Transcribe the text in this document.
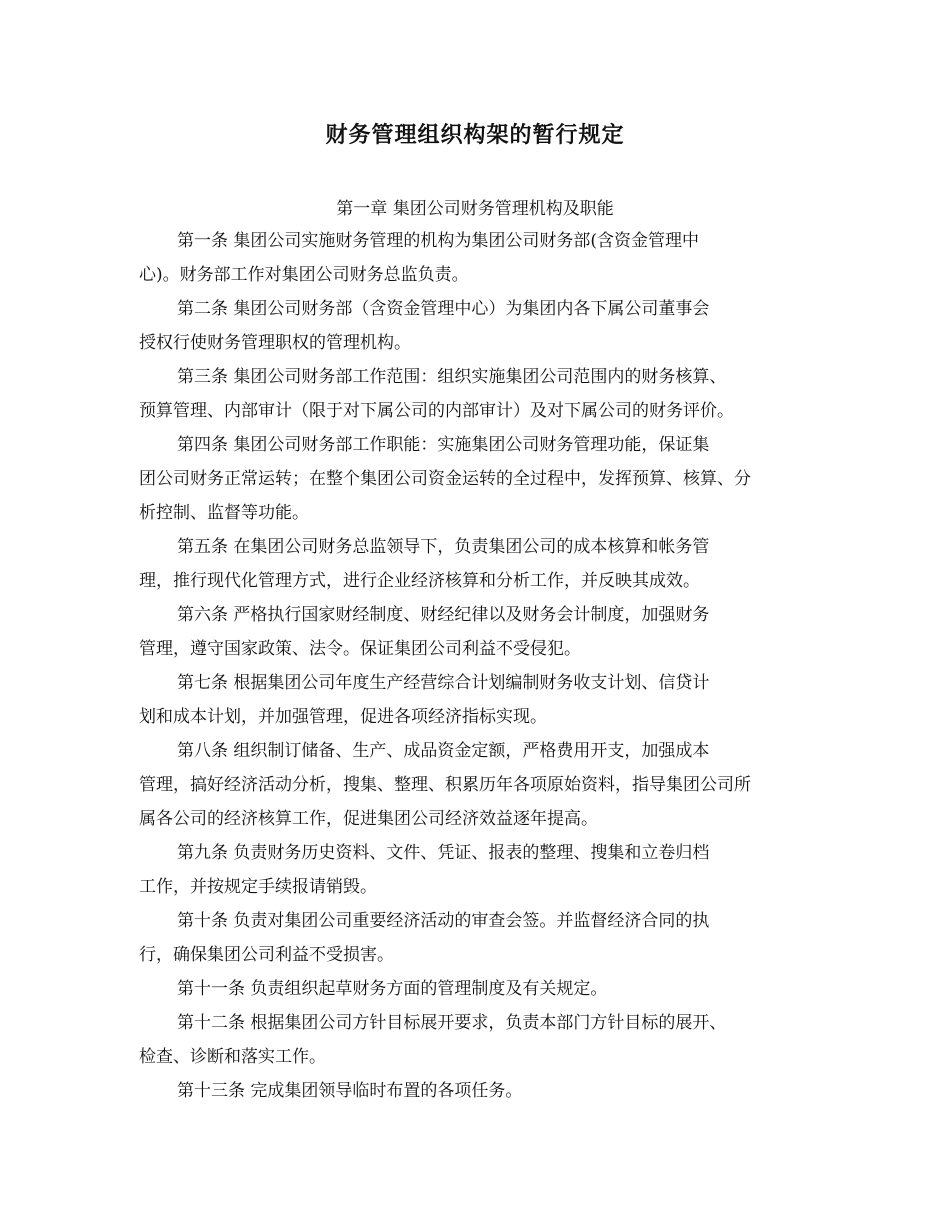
财务管理组织构架的暂行规定
第一章 集团公司财务管理机构及职能
第一条 集团公司实施财务管理的机构为集团公司财务部(含资金管理中
心)。财务部工作对集团公司财务总监负责。
第二条 集团公司财务部（含资金管理中心）为集团内各下属公司董事会
授权行使财务管理职权的管理机构。
第三条 集团公司财务部工作范围：组织实施集团公司范围内的财务核算、
预算管理、内部审计（限于对下属公司的内部审计）及对下属公司的财务评价。
第四条 集团公司财务部工作职能：实施集团公司财务管理功能，保证集
团公司财务正常运转；在整个集团公司资金运转的全过程中，发挥预算、核算、分
析控制、监督等功能。
第五条 在集团公司财务总监领导下，负责集团公司的成本核算和帐务管
理，推行现代化管理方式，进行企业经济核算和分析工作，并反映其成效。
第六条 严格执行国家财经制度、财经纪律以及财务会计制度，加强财务
管理，遵守国家政策、法令。保证集团公司利益不受侵犯。
第七条 根据集团公司年度生产经营综合计划编制财务收支计划、信贷计
划和成本计划，并加强管理，促进各项经济指标实现。
第八条 组织制订储备、生产、成品资金定额，严格费用开支，加强成本
管理，搞好经济活动分析，搜集、整理、积累历年各项原始资料，指导集团公司所
属各公司的经济核算工作，促进集团公司经济效益逐年提高。
第九条 负责财务历史资料、文件、凭证、报表的整理、搜集和立卷归档
工作，并按规定手续报请销毁。
第十条 负责对集团公司重要经济活动的审查会签。并监督经济合同的执
行，确保集团公司利益不受损害。
第十一条 负责组织起草财务方面的管理制度及有关规定。
第十二条 根据集团公司方针目标展开要求，负责本部门方针目标的展开、
检查、诊断和落实工作。
第十三条 完成集团领导临时布置的各项任务。
